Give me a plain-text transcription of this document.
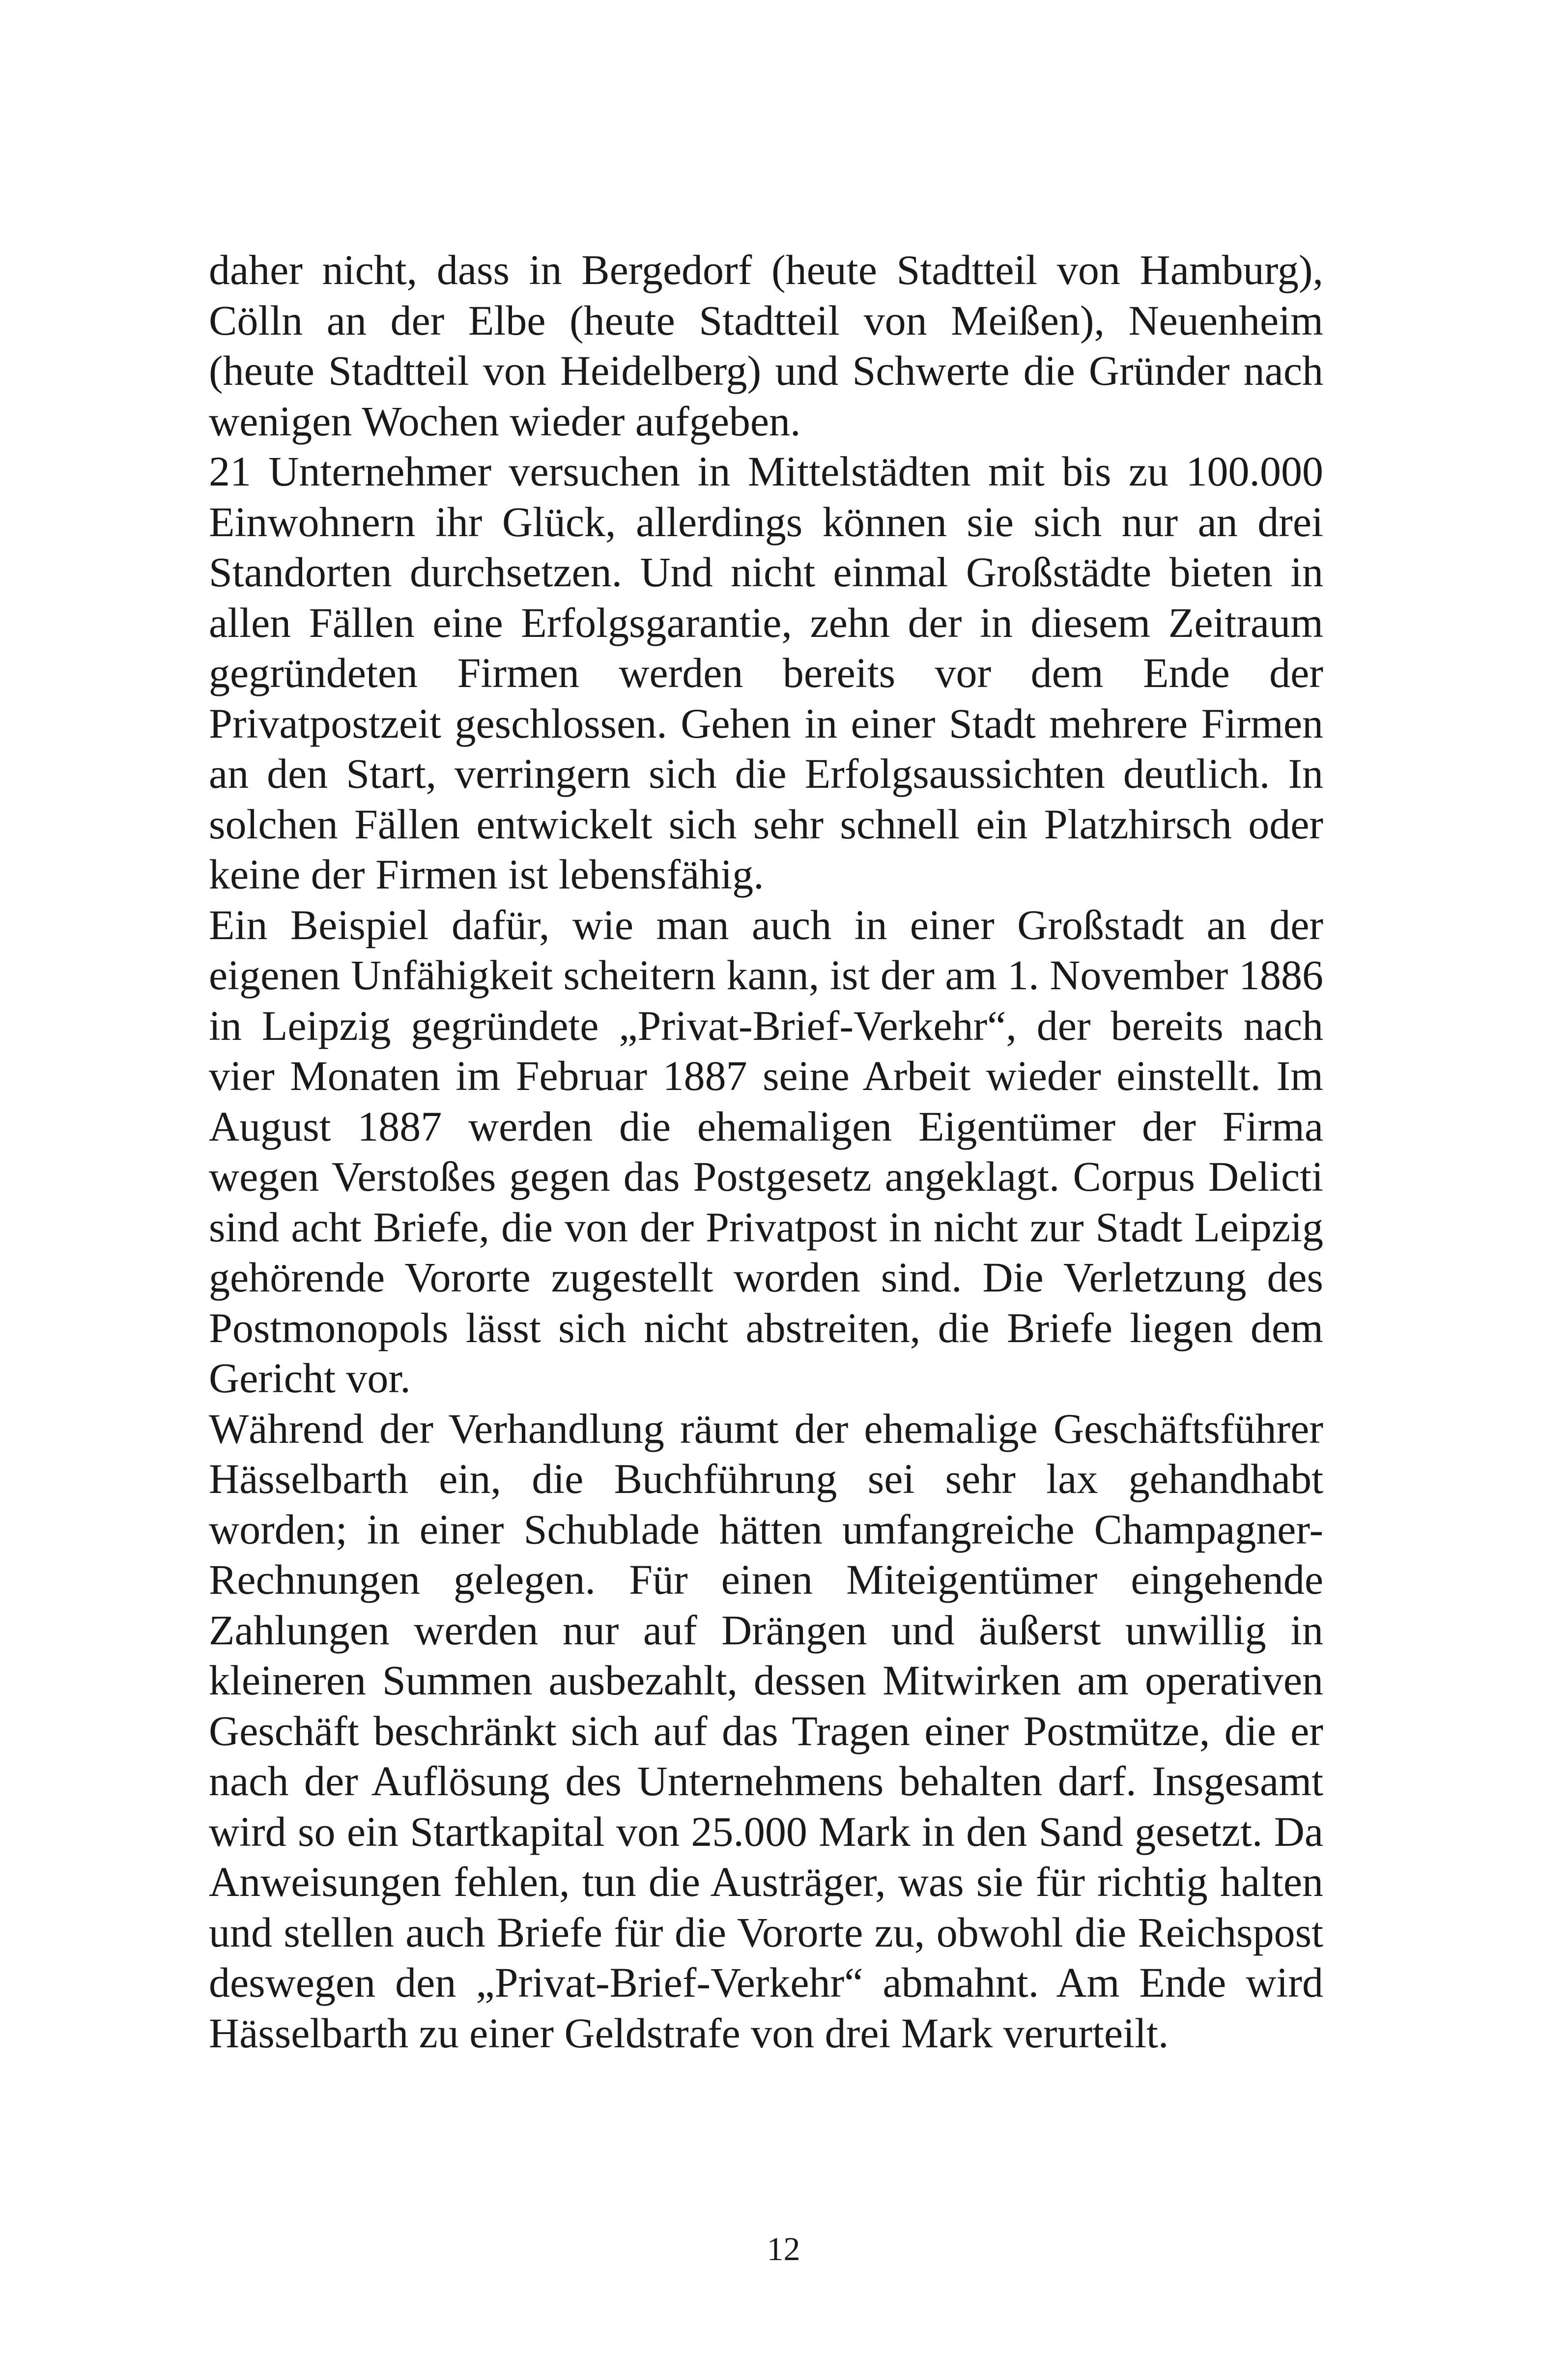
daher nicht, dass in Bergedorf (heute Stadtteil von Hamburg), Cölln an der Elbe (heute Stadtteil von Meißen), Neuenheim (heute Stadtteil von Heidelberg) und Schwerte die Gründer nach wenigen Wochen wieder aufgeben.

21 Unternehmer versuchen in Mittelstädten mit bis zu 100.000 Einwohnern ihr Glück, allerdings können sie sich nur an drei Standorten durchsetzen. Und nicht einmal Großstädte bieten in allen Fällen eine Erfolgsgarantie, zehn der in diesem Zeitraum gegründeten Firmen werden bereits vor dem Ende der Privatpostzeit geschlossen. Gehen in einer Stadt mehrere Firmen an den Start, verringern sich die Erfolgsaussichten deutlich. In solchen Fällen entwickelt sich sehr schnell ein Platzhirsch oder keine der Firmen ist lebensfähig.

Ein Beispiel dafür, wie man auch in einer Großstadt an der eigenen Unfähigkeit scheitern kann, ist der am 1. November 1886 in Leipzig gegründete „Privat-Brief-Verkehr“, der bereits nach vier Monaten im Februar 1887 seine Arbeit wieder einstellt. Im August 1887 werden die ehemaligen Eigentümer der Firma wegen Verstoßes gegen das Postgesetz angeklagt. Corpus Delicti sind acht Briefe, die von der Privatpost in nicht zur Stadt Leipzig gehörende Vororte zugestellt worden sind. Die Verletzung des Postmonopols lässt sich nicht abstreiten, die Briefe liegen dem Gericht vor.

Während der Verhandlung räumt der ehemalige Geschäftsführer Hässelbarth ein, die Buchführung sei sehr lax gehandhabt worden; in einer Schublade hätten umfangreiche Champagner-Rechnungen gelegen. Für einen Miteigentümer eingehende Zahlungen werden nur auf Drängen und äußerst unwillig in kleineren Summen ausbezahlt, dessen Mitwirken am operativen Geschäft beschränkt sich auf das Tragen einer Postmütze, die er nach der Auflösung des Unternehmens behalten darf. Insgesamt wird so ein Startkapital von 25.000 Mark in den Sand gesetzt. Da Anweisungen fehlen, tun die Austräger, was sie für richtig halten und stellen auch Briefe für die Vororte zu, obwohl die Reichspost deswegen den „Privat-Brief-Verkehr“ abmahnt. Am Ende wird Hässelbarth zu einer Geldstrafe von drei Mark verurteilt.

12
